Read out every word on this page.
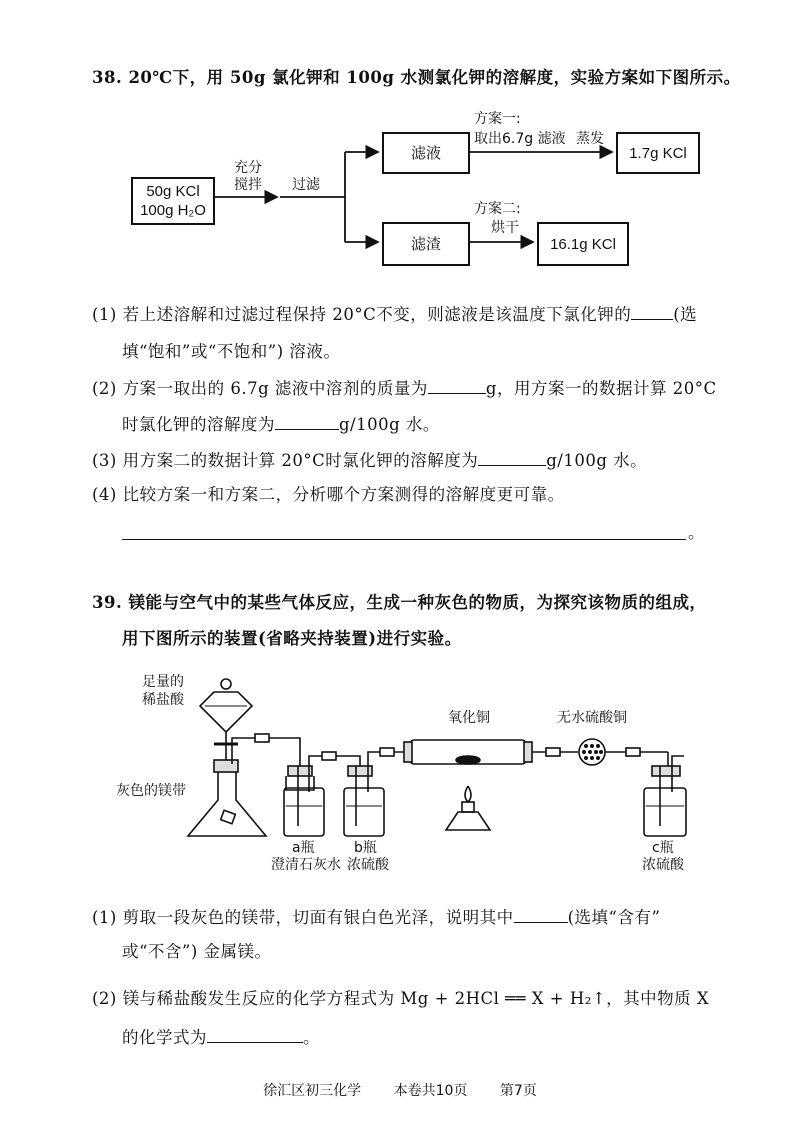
38. 20℃下，用 50g 氯化钾和 100g 水测氯化钾的溶解度，实验方案如下图所示。
50g KCl
100g H₂O
充分
搅拌 过滤
滤液
滤渣
方案一:
取出6.7g 滤液 蒸发
1.7g KCl
方案二:
烘干
16.1g KCl
(1) 若上述溶解和过滤过程保持 20°C不变，则滤液是该温度下氯化钾的	(选
填“饱和”或“不饱和”) 溶液。
(2) 方案一取出的 6.7g 滤液中溶剂的质量为	g，用方案一的数据计算 20°C
时氯化钾的溶解度为	g/100g 水。
(3) 用方案二的数据计算 20°C时氯化钾的溶解度为	g/100g 水。
(4) 比较方案一和方案二，分析哪个方案测得的溶解度更可靠。
。
39. 镁能与空气中的某些气体反应，生成一种灰色的物质，为探究该物质的组成，
用下图所示的装置(省略夹持装置)进行实验。
足量的
稀盐酸
灰色的镁带
氧化铜	无水硫酸铜
a瓶
澄清石灰水
b瓶
浓硫酸
c瓶
浓硫酸
(1) 剪取一段灰色的镁带，切面有银白色光泽，说明其中	(选填“含有”
或“不含”) 金属镁。
(2) 镁与稀盐酸发生反应的化学方程式为 Mg + 2HCl ══ X + H₂↑，其中物质 X
的化学式为	。
徐汇区初三化学 本卷共10页 第7页
